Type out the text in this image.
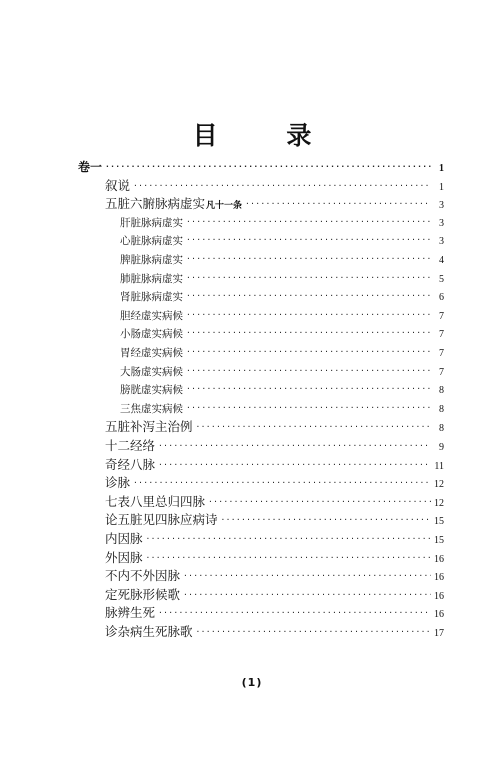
目 录
卷一 ·····	1
叙说 ·····	1
五脏六腑脉病虚实凡十一条 ·····	3
肝脏脉病虚实 ·····	3
心脏脉病虚实 ·····	3
脾脏脉病虚实 ·····	4
肺脏脉病虚实 ·····	5
肾脏脉病虚实 ·····	6
胆经虚实病候 ·····	7
小肠虚实病候 ·····	7
胃经虚实病候 ·····	7
大肠虚实病候 ·····	7
膀胱虚实病候 ·····	8
三焦虚实病候 ·····	8
五脏补泻主治例 ·····	8
十二经络 ·····	9
奇经八脉 ·····	11
诊脉 ·····	12
七表八里总归四脉 ·····	12
论五脏见四脉应病诗 ·····	15
内因脉 ·····	15
外因脉 ·····	16
不内不外因脉 ·····	16
定死脉形候歌 ·····	16
脉辨生死 ·····	16
诊杂病生死脉歌 ·····	17
(1)
